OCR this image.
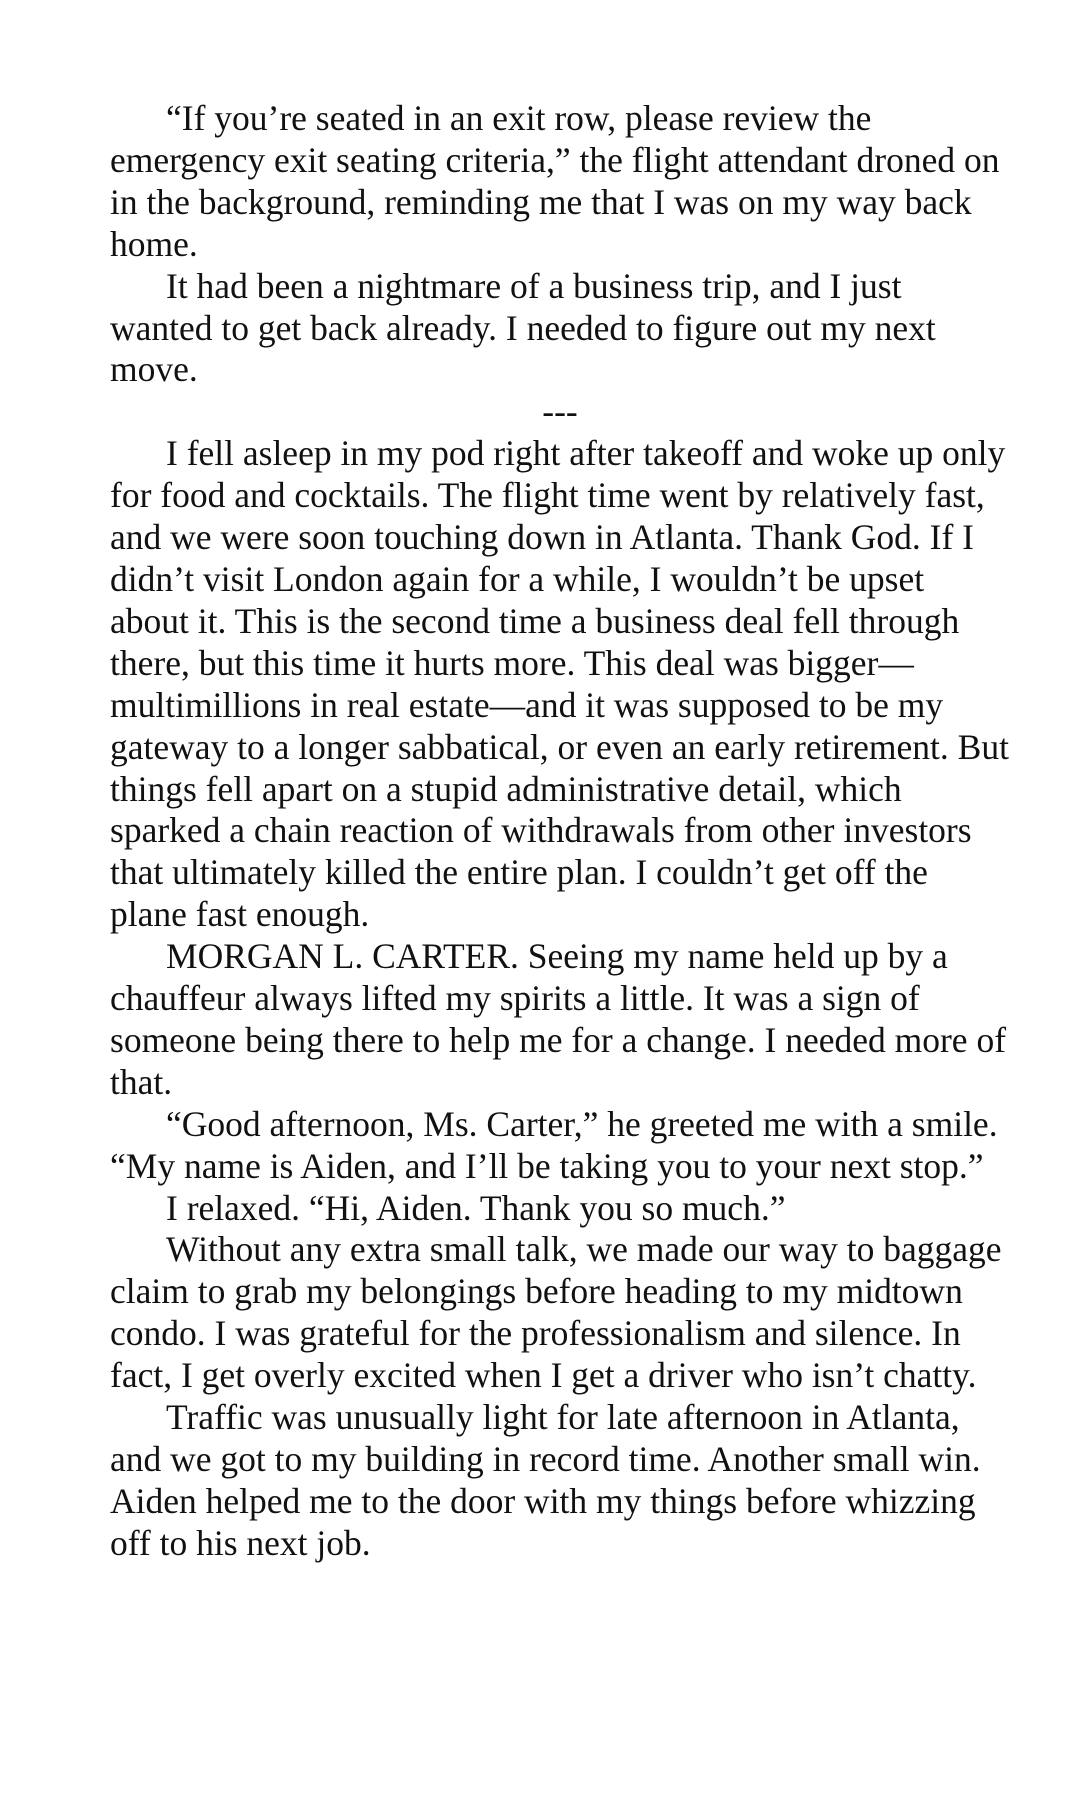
“If you’re seated in an exit row, please review the emergency exit seating criteria,” the flight attendant droned on in the background, reminding me that I was on my way back home.

It had been a nightmare of a business trip, and I just wanted to get back already. I needed to figure out my next move.

---

I fell asleep in my pod right after takeoff and woke up only for food and cocktails. The flight time went by relatively fast, and we were soon touching down in Atlanta. Thank God. If I didn’t visit London again for a while, I wouldn’t be upset about it. This is the second time a business deal fell through there, but this time it hurts more. This deal was bigger—multimillions in real estate—and it was supposed to be my gateway to a longer sabbatical, or even an early retirement. But things fell apart on a stupid administrative detail, which sparked a chain reaction of withdrawals from other investors that ultimately killed the entire plan. I couldn’t get off the plane fast enough.

MORGAN L. CARTER. Seeing my name held up by a chauffeur always lifted my spirits a little. It was a sign of someone being there to help me for a change. I needed more of that.

“Good afternoon, Ms. Carter,” he greeted me with a smile. “My name is Aiden, and I’ll be taking you to your next stop.”

I relaxed. “Hi, Aiden. Thank you so much.”

Without any extra small talk, we made our way to baggage claim to grab my belongings before heading to my midtown condo. I was grateful for the professionalism and silence. In fact, I get overly excited when I get a driver who isn’t chatty.

Traffic was unusually light for late afternoon in Atlanta, and we got to my building in record time. Another small win. Aiden helped me to the door with my things before whizzing off to his next job.
